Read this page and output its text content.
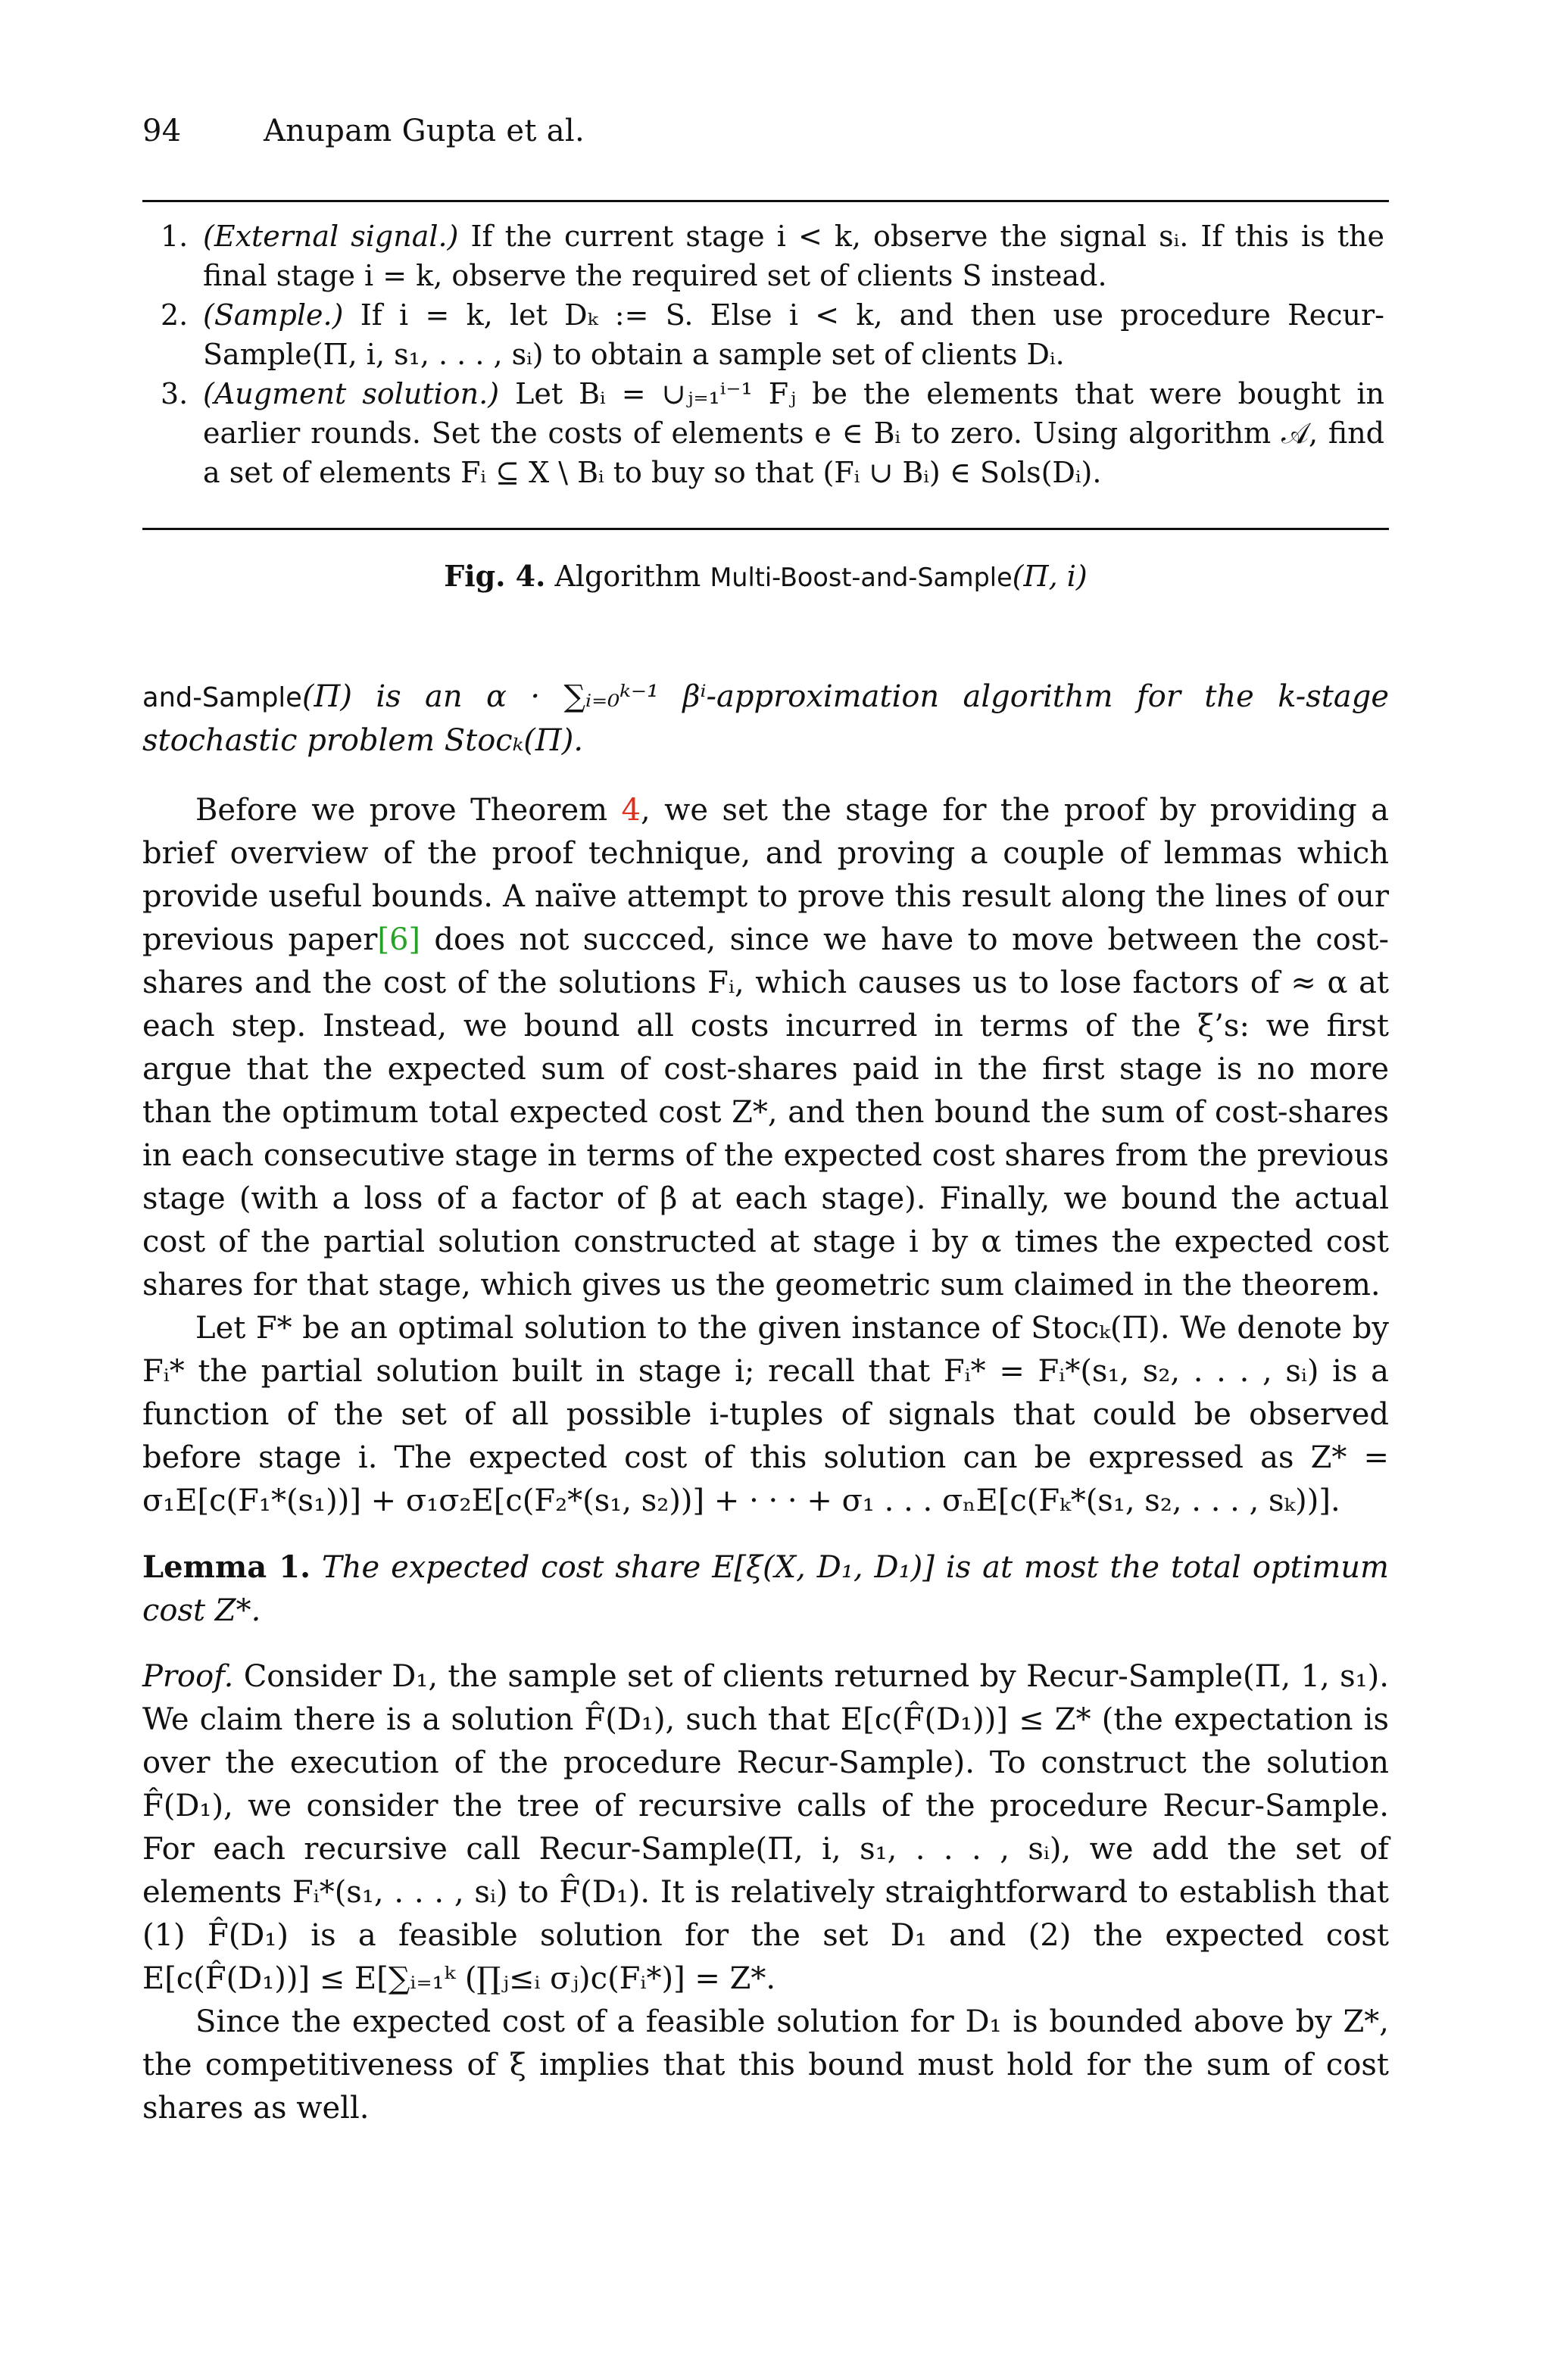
94	Anupam Gupta et al.
1. (External signal.) If the current stage i < k, observe the signal sᵢ. If this is the final stage i = k, observe the required set of clients S instead.
2. (Sample.) If i = k, let Dₖ := S. Else i < k, and then use procedure Recur-Sample(Π, i, s₁, . . . , sᵢ) to obtain a sample set of clients Dᵢ.
3. (Augment solution.) Let Bᵢ = ∪ⱼ₌₁ⁱ⁻¹ Fⱼ be the elements that were bought in earlier rounds. Set the costs of elements e ∈ Bᵢ to zero. Using algorithm 𝒜, find a set of elements Fᵢ ⊆ X \ Bᵢ to buy so that (Fᵢ ∪ Bᵢ) ∈ Sols(Dᵢ).
Fig. 4. Algorithm Multi-Boost-and-Sample(Π, i)

and-Sample(Π) is an α · ∑ᵢ₌₀ᵏ⁻¹ βⁱ-approximation algorithm for the k-stage stochastic problem Stocₖ(Π).

Before we prove Theorem 4, we set the stage for the proof by providing a brief overview of the proof technique, and proving a couple of lemmas which provide useful bounds. A naïve attempt to prove this result along the lines of our previous paper[6] does not succced, since we have to move between the cost-shares and the cost of the solutions Fᵢ, which causes us to lose factors of ≈ α at each step. Instead, we bound all costs incurred in terms of the ξ’s: we first argue that the expected sum of cost-shares paid in the first stage is no more than the optimum total expected cost Z*, and then bound the sum of cost-shares in each consecutive stage in terms of the expected cost shares from the previous stage (with a loss of a factor of β at each stage). Finally, we bound the actual cost of the partial solution constructed at stage i by α times the expected cost shares for that stage, which gives us the geometric sum claimed in the theorem.

Let F* be an optimal solution to the given instance of Stocₖ(Π). We denote by Fᵢ* the partial solution built in stage i; recall that Fᵢ* = Fᵢ*(s₁, s₂, . . . , sᵢ) is a function of the set of all possible i-tuples of signals that could be observed before stage i. The expected cost of this solution can be expressed as Z* = σ₁E[c(F₁*(s₁))] + σ₁σ₂E[c(F₂*(s₁, s₂))] + · · · + σ₁ . . . σₙE[c(Fₖ*(s₁, s₂, . . . , sₖ))].

Lemma 1. The expected cost share E[ξ(X, D₁, D₁)] is at most the total optimum cost Z*.

Proof. Consider D₁, the sample set of clients returned by Recur-Sample(Π, 1, s₁). We claim there is a solution F̂(D₁), such that E[c(F̂(D₁))] ≤ Z* (the expectation is over the execution of the procedure Recur-Sample). To construct the solution F̂(D₁), we consider the tree of recursive calls of the procedure Recur-Sample. For each recursive call Recur-Sample(Π, i, s₁, . . . , sᵢ), we add the set of elements Fᵢ*(s₁, . . . , sᵢ) to F̂(D₁). It is relatively straightforward to establish that (1) F̂(D₁) is a feasible solution for the set D₁ and (2) the expected cost E[c(F̂(D₁))] ≤ E[∑ᵢ₌₁ᵏ (∏ⱼ≤ᵢ σⱼ)c(Fᵢ*)] = Z*.

Since the expected cost of a feasible solution for D₁ is bounded above by Z*, the competitiveness of ξ implies that this bound must hold for the sum of cost shares as well.
